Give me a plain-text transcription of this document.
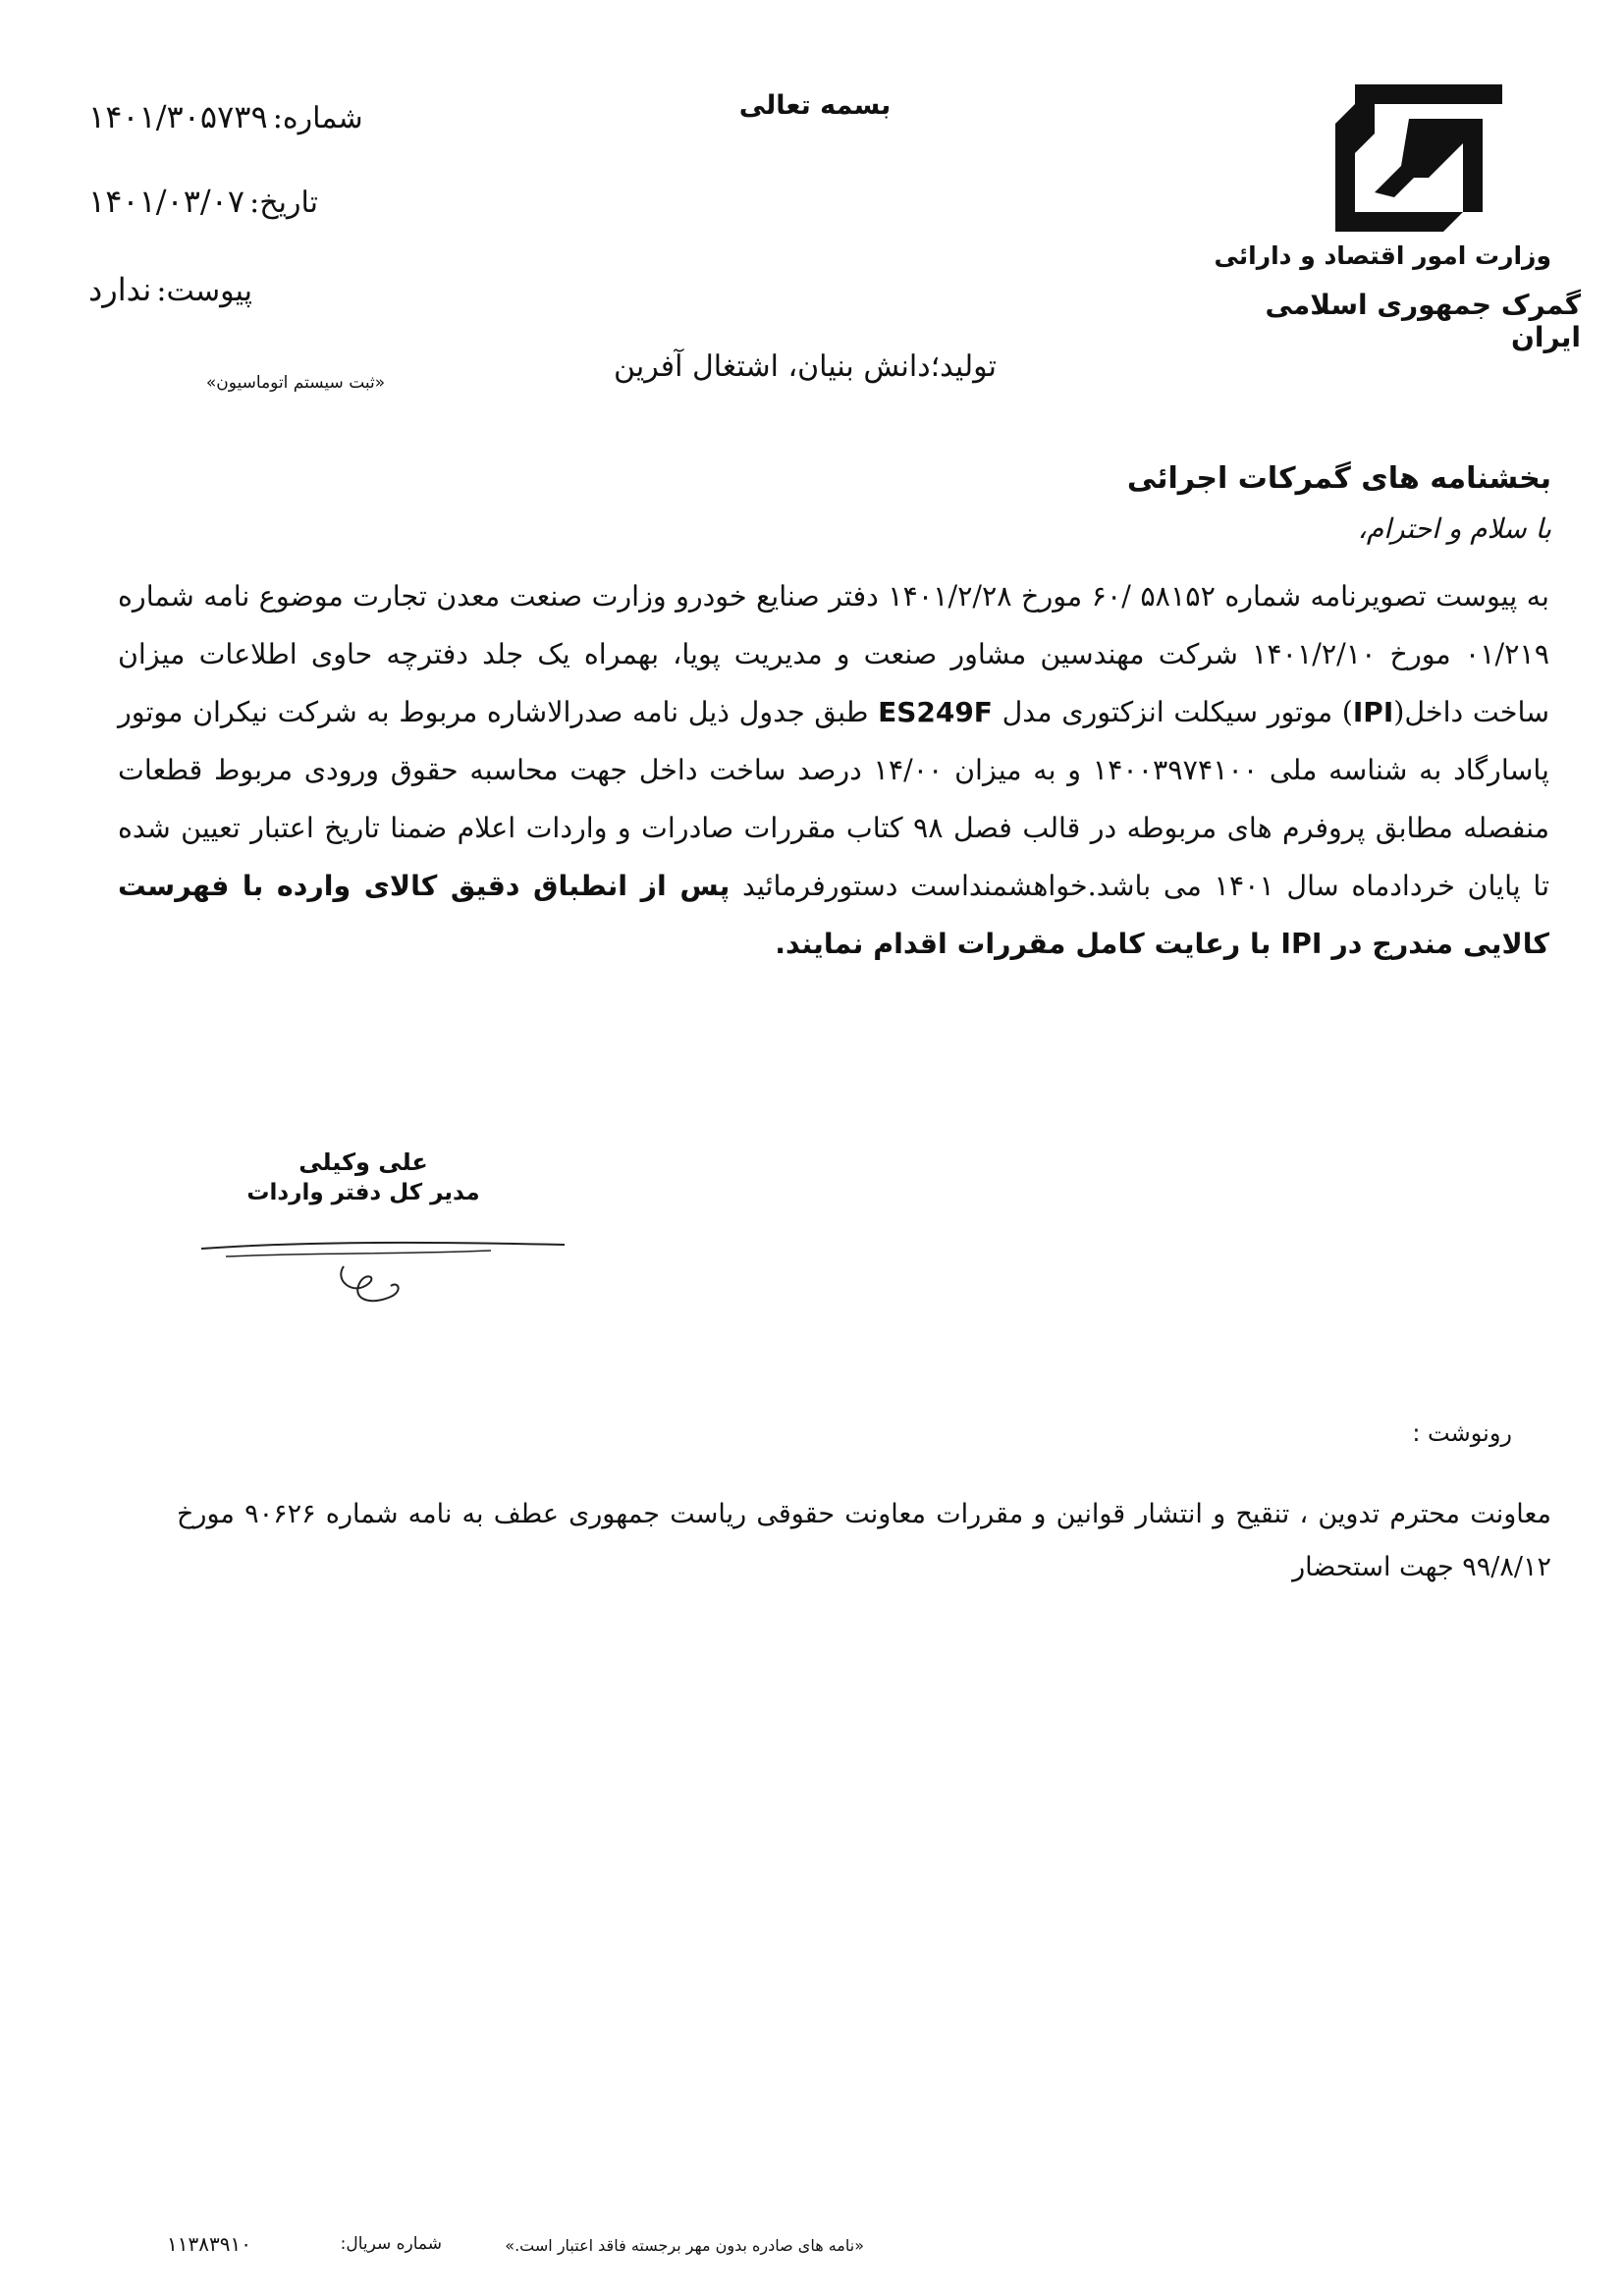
شماره: ۱۴۰۱/۳۰۵۷۳۹
تاریخ: ۱۴۰۱/۰۳/۰۷
پیوست: ندارد
«ثبت سیستم اتوماسیون»
بسمه تعالی
تولید؛دانش بنیان، اشتغال آفرین
وزارت امور اقتصاد و دارائی
گمرک جمهوری اسلامی ایران
بخشنامه های گمرکات اجرائی
با سلام و احترام،
به پیوست تصویرنامه شماره ۵۸۱۵۲ /۶۰ مورخ ۱۴۰۱/۲/۲۸ دفتر صنایع خودرو وزارت صنعت معدن تجارت موضوع نامه شماره ۰۱/۲۱۹ مورخ ۱۴۰۱/۲/۱۰ شرکت مهندسین مشاور صنعت و مدیریت پویا، بهمراه یک جلد دفترچه حاوی اطلاعات میزان ساخت داخل(IPI) موتور سیکلت انزکتوری مدل ES249F طبق جدول ذیل نامه صدرالاشاره مربوط به شرکت نیکران موتور پاسارگاد به شناسه ملی ۱۴۰۰۳۹۷۴۱۰۰ و به میزان ۱۴/۰۰ درصد ساخت داخل جهت محاسبه حقوق ورودی مربوط قطعات منفصله مطابق پروفرم های مربوطه در قالب فصل ۹۸ کتاب مقررات صادرات و واردات اعلام ضمنا تاریخ اعتبار تعیین شده تا پایان خردادماه سال ۱۴۰۱ می باشد.خواهشمنداست دستورفرمائید پس از انطباق دقیق کالای وارده با فهرست کالایی مندرج در IPI با رعایت کامل مقررات اقدام نمایند.
علی وکیلی
مدیر کل دفتر واردات
رونوشت :
معاونت محترم تدوین ، تنقیح و انتشار قوانین و مقررات معاونت حقوقی ریاست جمهوری عطف به نامه شماره ۹۰۶۲۶ مورخ ۹۹/۸/۱۲ جهت استحضار
«نامه های صادره بدون مهر برجسته فاقد اعتبار است.»
شماره سریال:
۱۱۳۸۳۹۱۰
